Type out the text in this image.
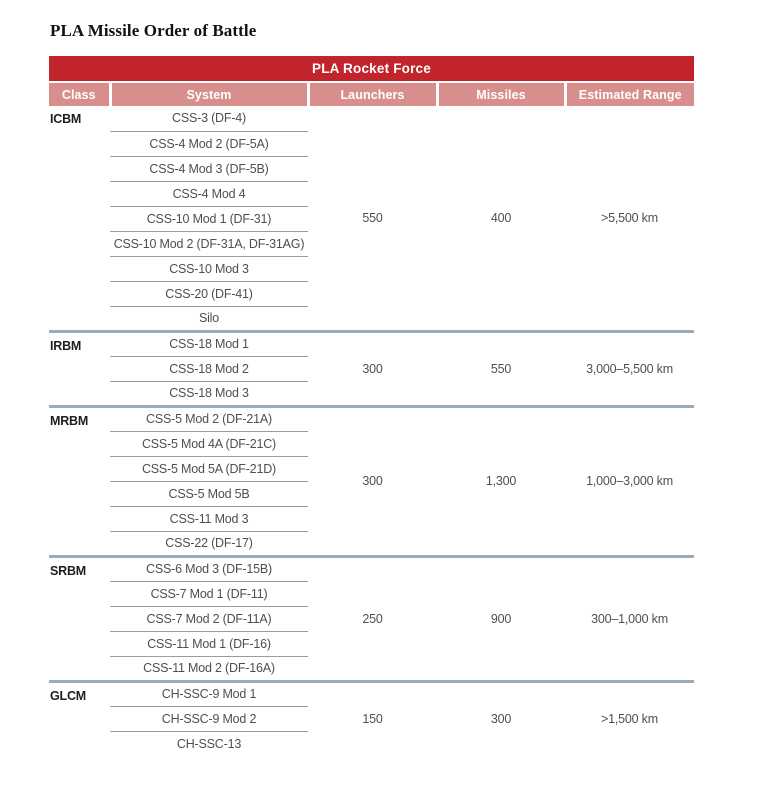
PLA Missile Order of Battle
PLA Rocket Force				
Class	System	Launchers	Missiles	Estimated Range
ICBM	CSS-3 (DF-4)	550	400	>5,500 km
	CSS-4 Mod 2 (DF-5A)			
	CSS-4 Mod 3 (DF-5B)			
	CSS-4 Mod 4			
	CSS-10 Mod 1 (DF-31)			
	CSS-10 Mod 2 (DF-31A, DF-31AG)			
	CSS-10 Mod 3			
	CSS-20 (DF-41)			
	Silo			
IRBM	CSS-18 Mod 1	300	550	3,000–5,500 km
	CSS-18 Mod 2			
	CSS-18 Mod 3			
MRBM	CSS-5 Mod 2 (DF-21A)	300	1,300	1,000–3,000 km
	CSS-5 Mod 4A (DF-21C)			
	CSS-5 Mod 5A (DF-21D)			
	CSS-5 Mod 5B			
	CSS-11 Mod 3			
	CSS-22 (DF-17)			
SRBM	CSS-6 Mod 3 (DF-15B)	250	900	300–1,000 km
	CSS-7 Mod 1 (DF-11)			
	CSS-7 Mod 2 (DF-11A)			
	CSS-11 Mod 1 (DF-16)			
	CSS-11 Mod 2 (DF-16A)			
GLCM	CH-SSC-9 Mod 1	150	300	>1,500 km
	CH-SSC-9 Mod 2			
	CH-SSC-13			
